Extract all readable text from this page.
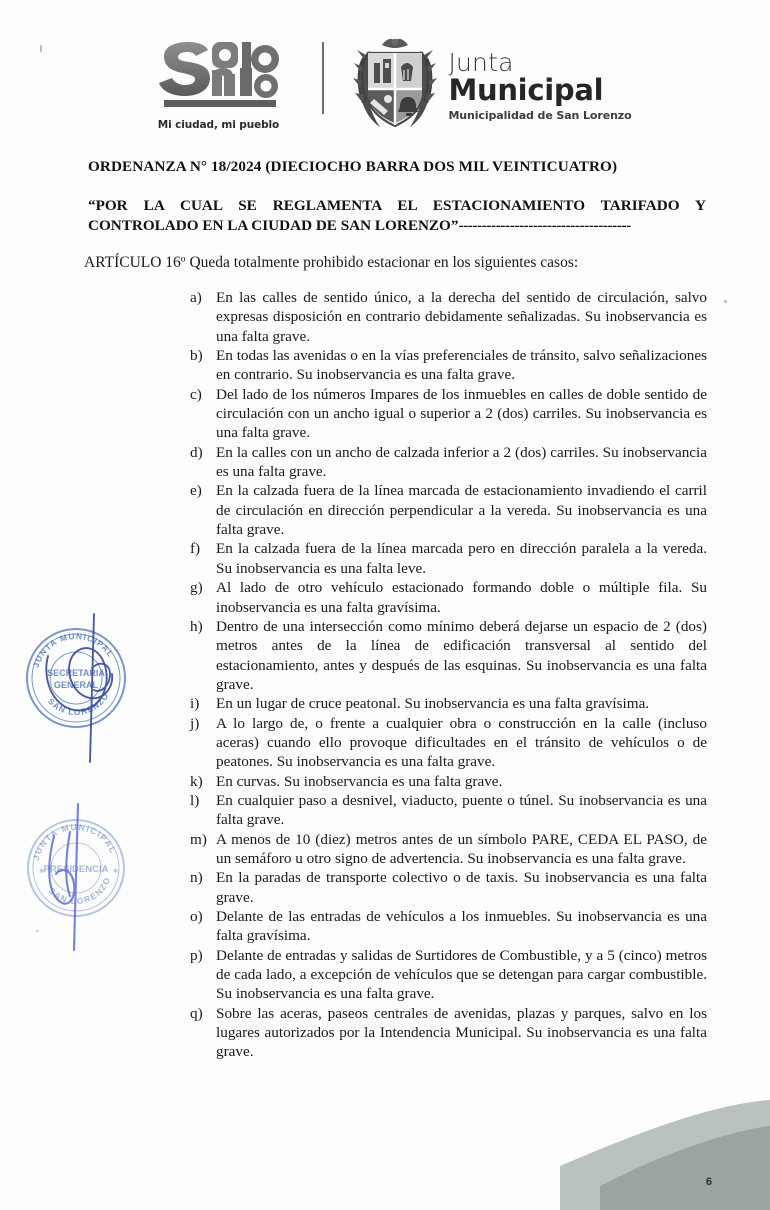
Mi ciudad, mi pueblo
Junta
Municipal
Municipalidad de San Lorenzo
ORDENANZA N° 18/2024 (DIECIOCHO BARRA DOS MIL VEINTICUATRO)
“POR LA CUAL SE REGLAMENTA EL ESTACIONAMIENTO TARIFADO Y CONTROLADO EN LA CIUDAD DE SAN LORENZO”-------------------------------------
ARTÍCULO 16º Queda totalmente prohibido estacionar en los siguientes casos:
a) En las calles de sentido único, a la derecha del sentido de circulación, salvo expresas disposición en contrario debidamente señalizadas. Su inobservancia es una falta grave.
b) En todas las avenidas o en la vías preferenciales de tránsito, salvo señalizaciones en contrario. Su inobservancia es una falta grave.
c) Del lado de los números Impares de los inmuebles en calles de doble sentido de circulación con un ancho igual o superior a 2 (dos) carriles. Su inobservancia es una falta grave.
d) En la calles con un ancho de calzada inferior a 2 (dos) carriles. Su inobservancia es una falta grave.
e) En la calzada fuera de la línea marcada de estacionamiento invadiendo el carril de circulación en dirección perpendicular a la vereda. Su inobservancia es una falta grave.
f)	En la calzada fuera de la línea marcada pero en dirección paralela a la vereda. Su inobservancia es una falta leve.
g) Al lado de otro vehículo estacionado formando doble o múltiple fila. Su inobservancia es una falta gravísima.
h) Dentro de una intersección como mínimo deberá dejarse un espacio de 2 (dos) metros antes de la línea de edificación transversal al sentido del estacionamiento, antes y después de las esquinas. Su inobservancia es una falta grave.
i)	En un lugar de cruce peatonal. Su inobservancia es una falta gravísima.
j)	A lo largo de, o frente a cualquier obra o construcción en la calle (incluso aceras) cuando ello provoque dificultades en el tránsito de vehículos o de peatones. Su inobservancia es una falta grave.
k) En curvas. Su inobservancia es una falta grave.
l)	En cualquier paso a desnivel, viaducto, puente o túnel. Su inobservancia es una falta grave.
m) A menos de 10 (diez) metros antes de un símbolo PARE, CEDA EL PASO, de un semáforo u otro signo de advertencia. Su inobservancia es una falta grave.
n) En la paradas de transporte colectivo o de taxis. Su inobservancia es una falta grave.
o) Delante de las entradas de vehículos a los inmuebles. Su inobservancia es una falta gravísima.
p) Delante de entradas y salidas de Surtidores de Combustible, y a 5 (cinco) metros de cada lado, a excepción de vehículos que se detengan para cargar combustible. Su inobservancia es una falta grave.
q) Sobre las aceras, paseos centrales de avenidas, plazas y parques, salvo en los lugares autorizados por la Intendencia Municipal. Su inobservancia es una falta grave.
JUNTA MUNICIPAL
SAN LORENZO
SECRETARIA
GENERAL
JUNTA MUNICIPAL
SAN LORENZO
PRESIDENCIA
✷	✷
6
